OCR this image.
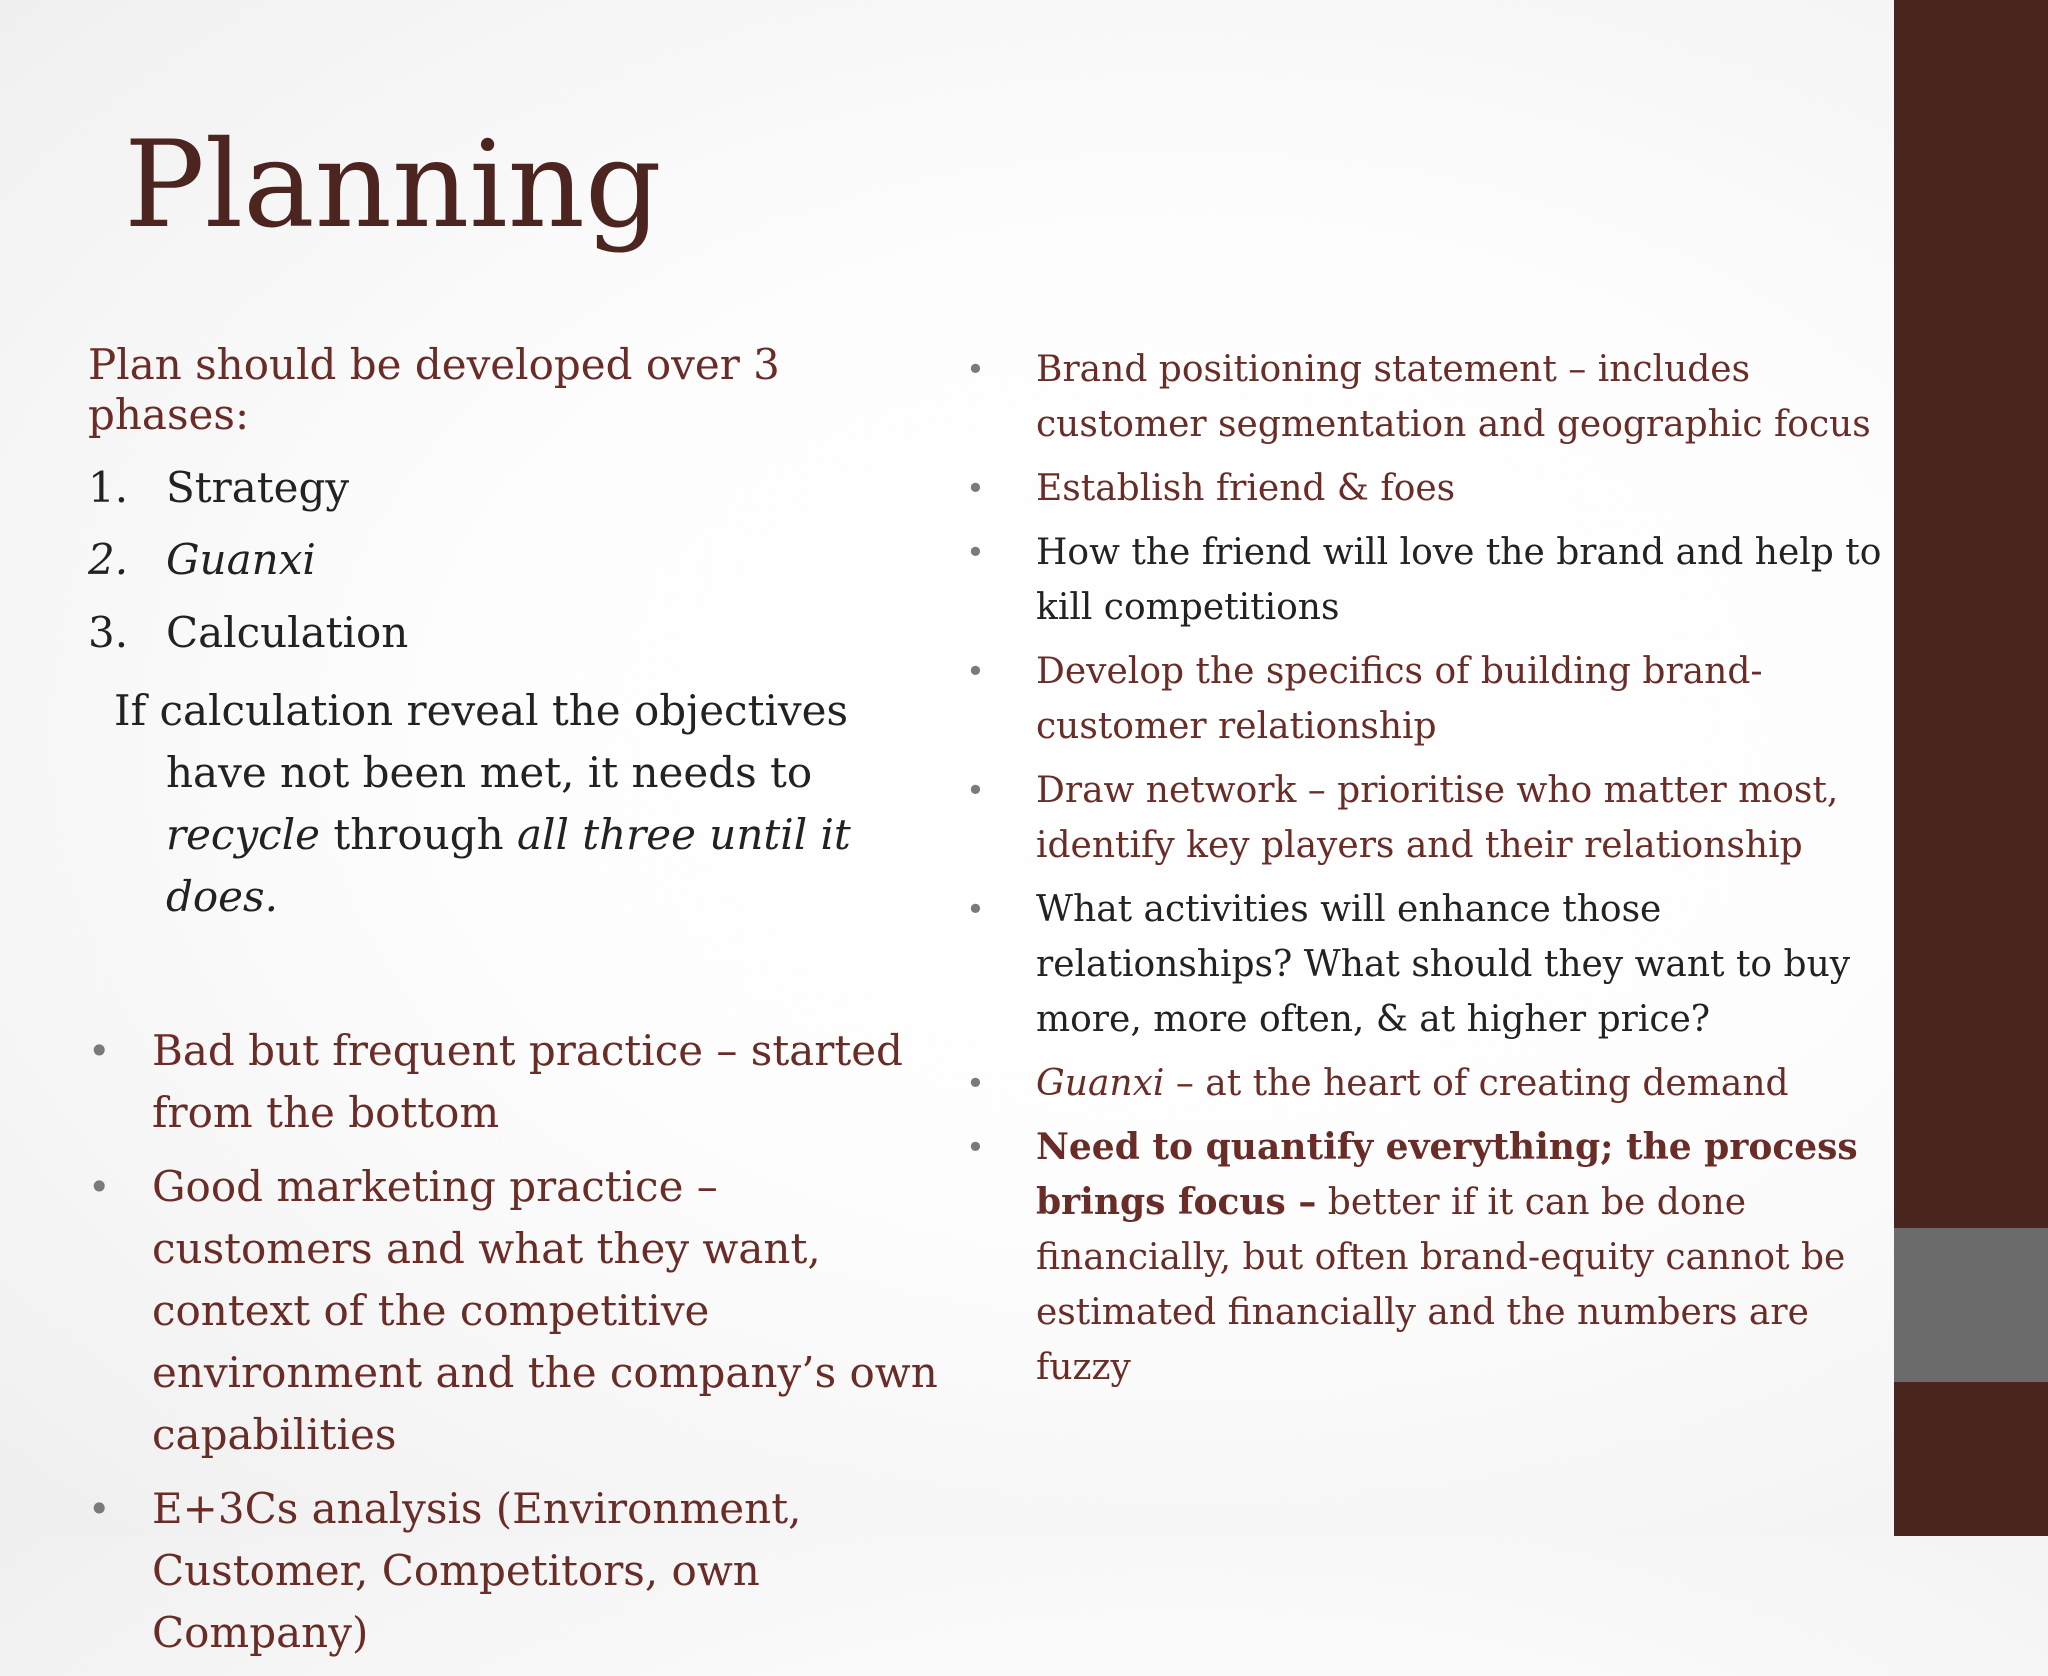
Planning

Plan should be developed over 3 phases:

1. Strategy
2. Guanxi
3. Calculation

If calculation reveal the objectives have not been met, it needs to recycle through all three until it does.

• Bad but frequent practice – started from the bottom
• Good marketing practice – customers and what they want, context of the competitive environment and the company’s own capabilities
• E+3Cs analysis (Environment, Customer, Competitors, own Company)
• Brand positioning statement – includes customer segmentation and geographic focus
• Establish friend & foes
• How the friend will love the brand and help to kill competitions
• Develop the specifics of building brand-customer relationship
• Draw network – prioritise who matter most, identify key players and their relationship
• What activities will enhance those relationships? What should they want to buy more, more often, & at higher price?
• Guanxi – at the heart of creating demand
• Need to quantify everything; the process brings focus – better if it can be done financially, but often brand-equity cannot be estimated financially and the numbers are fuzzy
